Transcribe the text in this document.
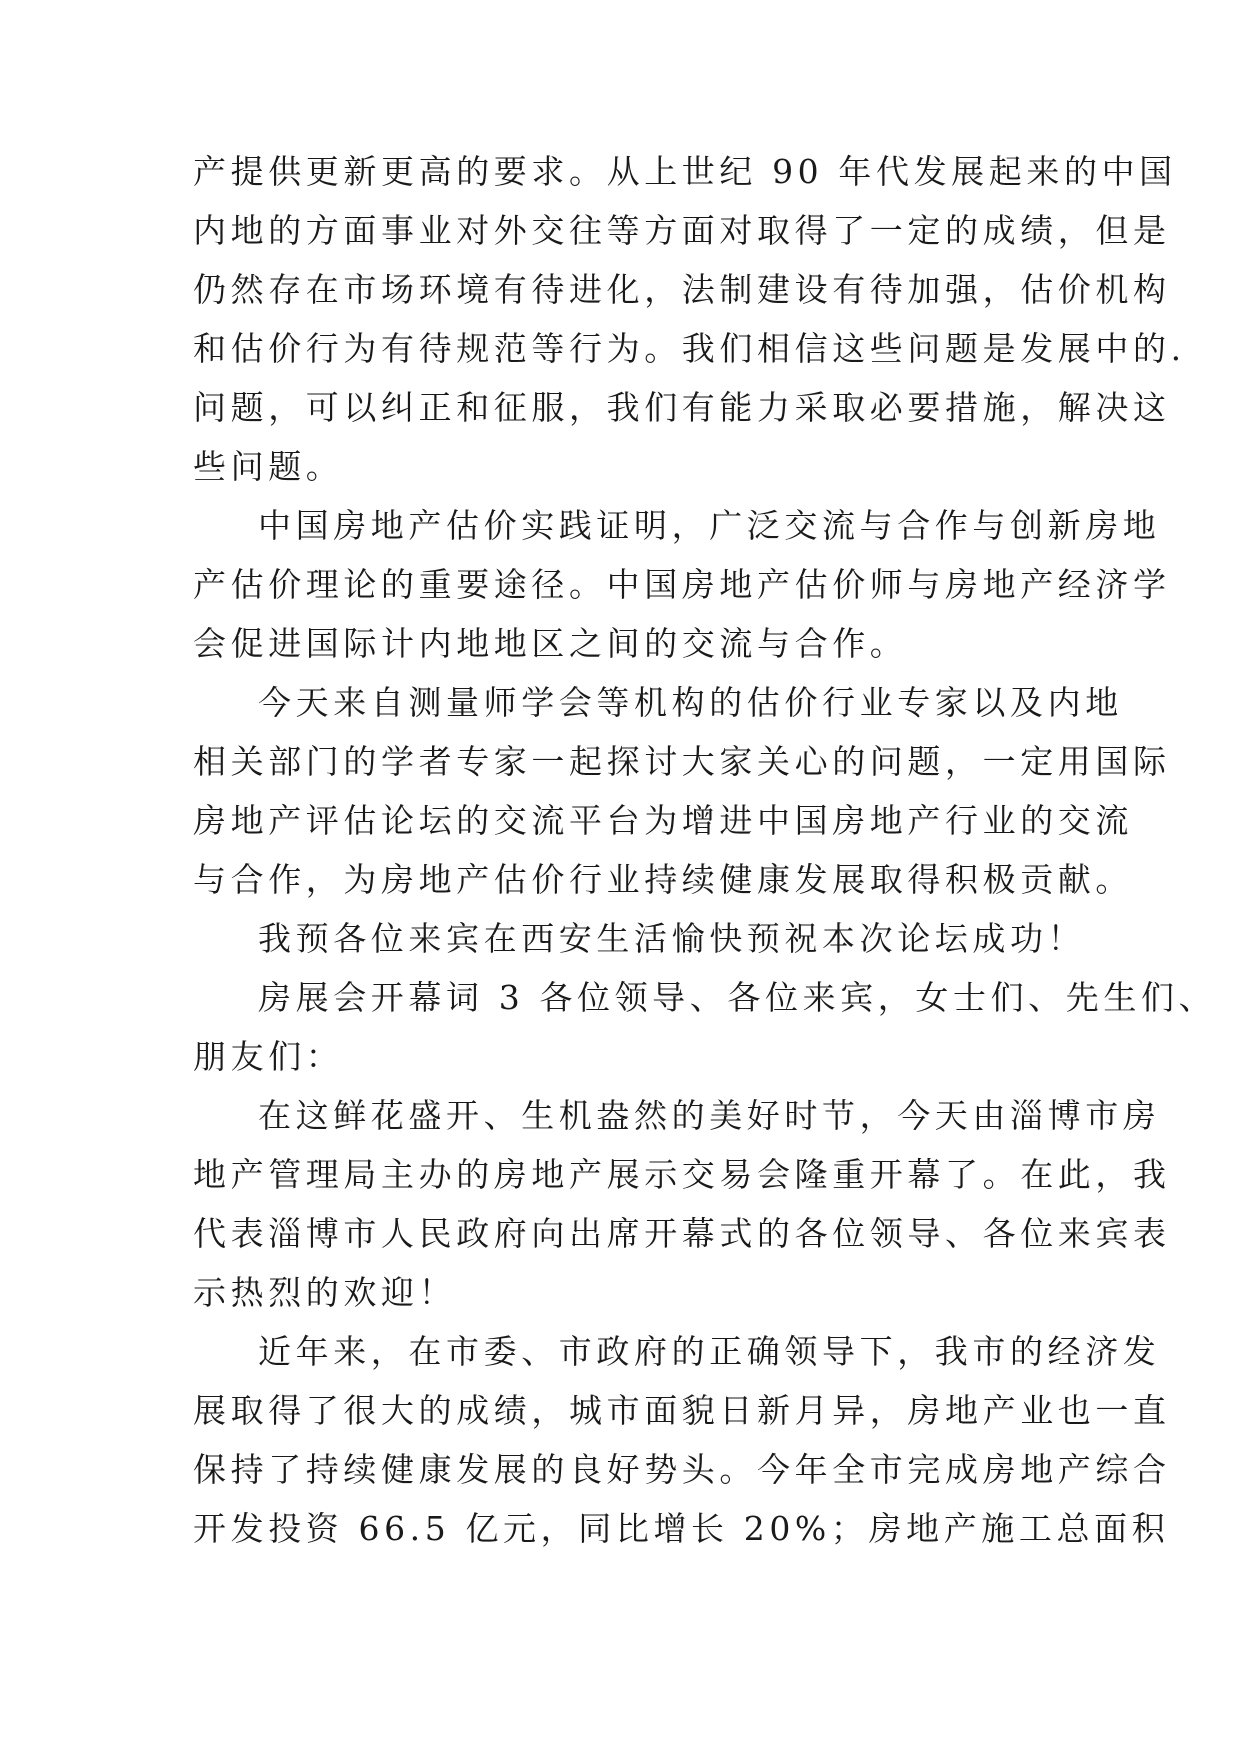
产提供更新更高的要求。从上世纪 90 年代发展起来的中国
内地的方面事业对外交往等方面对取得了一定的成绩，但是
仍然存在市场环境有待进化，法制建设有待加强，估价机构
和估价行为有待规范等行为。我们相信这些问题是发展中的.
问题，可以纠正和征服，我们有能力采取必要措施，解决这
些问题。
中国房地产估价实践证明，广泛交流与合作与创新房地
产估价理论的重要途径。中国房地产估价师与房地产经济学
会促进国际计内地地区之间的交流与合作。
今天来自测量师学会等机构的估价行业专家以及内地
相关部门的学者专家一起探讨大家关心的问题，一定用国际
房地产评估论坛的交流平台为增进中国房地产行业的交流
与合作，为房地产估价行业持续健康发展取得积极贡献。
我预各位来宾在西安生活愉快预祝本次论坛成功！
房展会开幕词 3 各位领导、各位来宾，女士们、先生们、
朋友们：
在这鲜花盛开、生机盎然的美好时节，今天由淄博市房
地产管理局主办的房地产展示交易会隆重开幕了。在此，我
代表淄博市人民政府向出席开幕式的各位领导、各位来宾表
示热烈的欢迎！
近年来，在市委、市政府的正确领导下，我市的经济发
展取得了很大的成绩，城市面貌日新月异，房地产业也一直
保持了持续健康发展的良好势头。今年全市完成房地产综合
开发投资 66.5 亿元，同比增长 20%；房地产施工总面积
